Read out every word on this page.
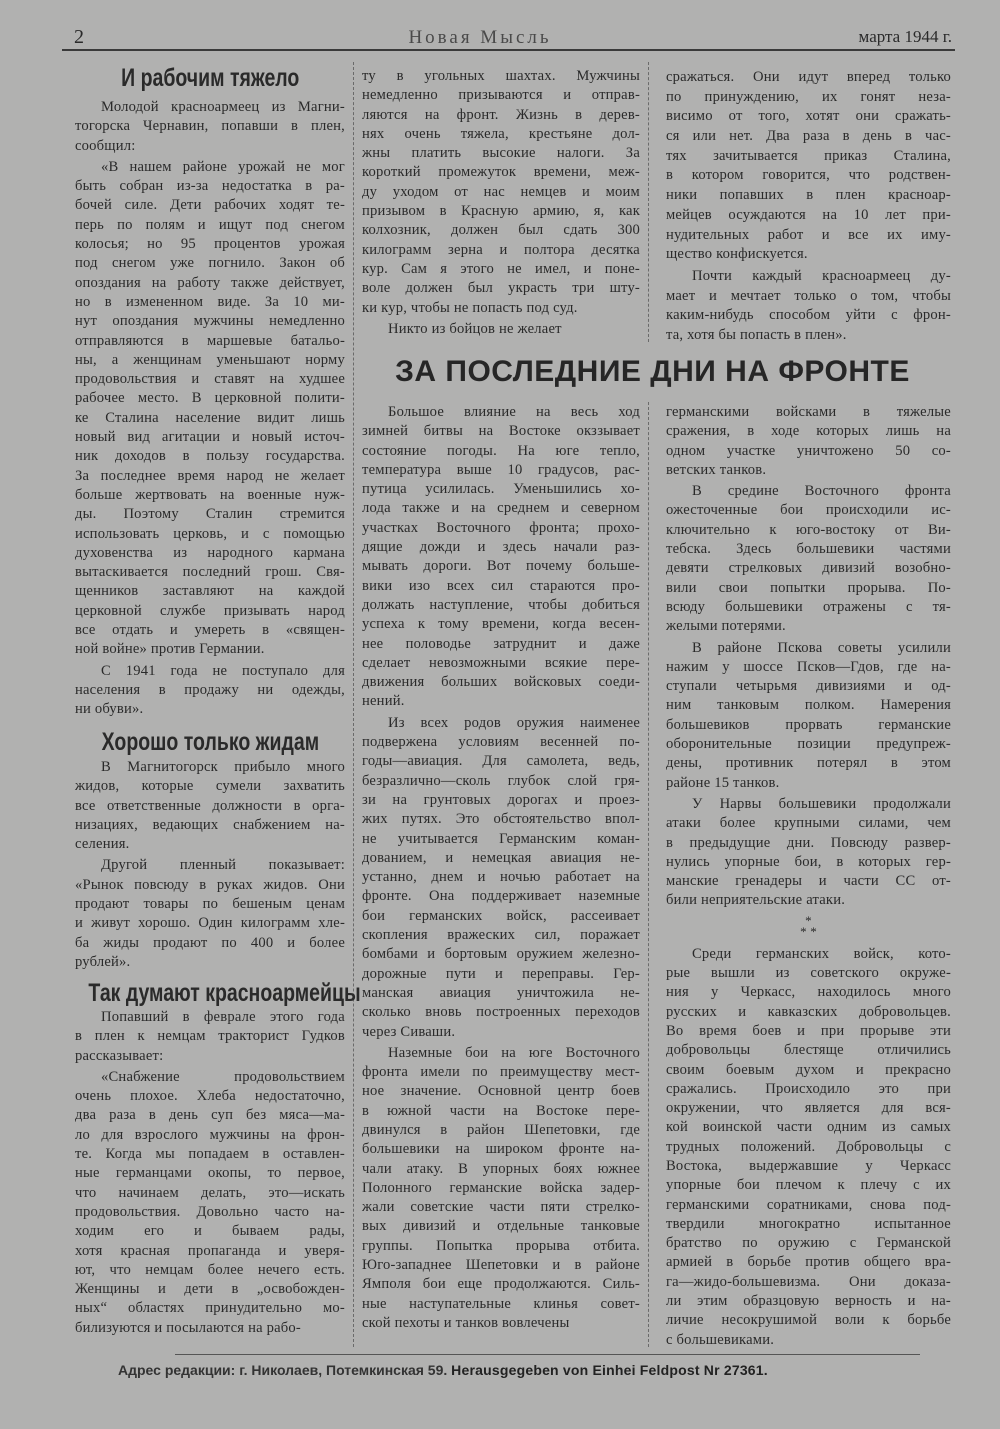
2	Новая Мысль	марта 1944 г.
И рабочим тяжело
Молодой красноармеец из Магни-
тогорска Чернавин, попавши в плен,
сообщил:
«В нашем районе урожай не мог
быть собран из-за недостатка в ра-
бочей силе. Дети рабочих ходят те-
перь по полям и ищут под снегом
колосья; но 95 процентов урожая
под снегом уже погнило. Закон об
опоздания на работу также действует,
но в измененном виде. За 10 ми-
нут опоздания мужчины немедленно
отправляются в маршевые батальо-
ны, а женщинам уменьшают норму
продовольствия и ставят на худшее
рабочее место. В церковной полити-
ке Сталина население видит лишь
новый вид агитации и новый источ-
ник доходов в пользу государства.
За последнее время народ не желает
больше жертвовать на военные нуж-
ды. Поэтому Сталин стремится
использовать церковь, и с помощью
духовенства из народного кармана
вытаскивается последний грош. Свя-
щенников заставляют на каждой
церковной службе призывать народ
все отдать и умереть в «священ-
ной войне» против Германии.
С 1941 года не поступало для
населения в продажу ни одежды,
ни обуви».
Хорошо только жидам
В Магнитогорск прибыло много
жидов, которые сумели захватить
все ответственные должности в орга-
низациях, ведающих снабжением на-
селения.
Другой пленный показывает:
«Рынок повсюду в руках жидов. Они
продают товары по бешеным ценам
и живут хорошо. Один килограмм хле-
ба жиды продают по 400 и более
рублей».
Так думают красноармейцы
Попавший в феврале этого года
в плен к немцам тракторист Гудков
рассказывает:
«Снабжение продовольствием
очень плохое. Хлеба недостаточно,
два раза в день суп без мяса—ма-
ло для взрослого мужчины на фрон-
те. Когда мы попадаем в оставлен-
ные германцами окопы, то первое,
что начинаем делать, это—искать
продовольствия. Довольно часто на-
ходим его и бываем рады,
хотя красная пропаганда и уверя-
ют, что немцам более нечего есть.
Женщины и дети в „освобожден-
ных“ областях принудительно мо-
билизуются и посылаются на рабо-
ту в угольных шахтах. Мужчины
немедленно призываются и отправ-
ляются на фронт. Жизнь в дерев-
нях очень тяжела, крестьяне дол-
жны платить высокие налоги. За
короткий промежуток времени, меж-
ду уходом от нас немцев и моим
призывом в Красную армию, я, как
колхозник, должен был сдать 300
килограмм зерна и полтора десятка
кур. Сам я этого не имел, и поне-
воле должен был украсть три шту-
ки кур, чтобы не попасть под суд.
Никто из бойцов не желает
сражаться. Они идут вперед только
по принуждению, их гонят неза-
висимо от того, хотят они сражать-
ся или нет. Два раза в день в час-
тях зачитывается приказ Сталина,
в котором говорится, что родствен-
ники попавших в плен красноар-
мейцев осуждаются на 10 лет при-
нудительных работ и все их иму-
щество конфискуется.
Почти каждый красноармеец ду-
мает и мечтает только о том, чтобы
каким-нибудь способом уйти с фрон-
та, хотя бы попасть в плен».
ЗА ПОСЛЕДНИЕ ДНИ НА ФРОНТЕ
Большое влияние на весь ход
зимней битвы на Востоке окззывает
состояние погоды. На юге тепло,
температура выше 10 градусов, рас-
путица усилилась. Уменьшились хо-
лода также и на среднем и северном
участках Восточного фронта; прохо-
дящие дожди и здесь начали раз-
мывать дороги. Вот почему больше-
вики изо всех сил стараются про-
должать наступление, чтобы добиться
успеха к тому времени, когда весен-
нее половодье затруднит и даже
сделает невозможными всякие пере-
движения больших войсковых соеди-
нений.
Из всех родов оружия наименее
подвержена условиям весенней по-
годы—авиация. Для самолета, ведь,
безразлично—сколь глубок слой гря-
зи на грунтовых дорогах и проез-
жих путях. Это обстоятельство впол-
не учитывается Германским коман-
дованием, и немецкая авиация не-
устанно, днем и ночью работает на
фронте. Она поддерживает наземные
бои германских войск, рассеивает
скопления вражеских сил, поражает
бомбами и бортовым оружием железно-
дорожные пути и переправы. Гер-
манская авиация уничтожила не-
сколько вновь построенных переходов
через Сиваши.
Наземные бои на юге Восточного
фронта имели по преимуществу мест-
ное значение. Основной центр боев
в южной части на Востоке пере-
двинулся в район Шепетовки, где
большевики на широком фронте на-
чали атаку. В упорных боях южнее
Полонного германские войска задер-
жали советские части пяти стрелко-
вых дивизий и отдельные танковые
группы. Попытка прорыва отбита.
Юго-западнее Шепетовки и в районе
Ямполя бои еще продолжаются. Силь-
ные наступательные клинья совет-
ской пехоты и танков вовлечены
германскими войсками в тяжелые
сражения, в ходе которых лишь на
одном участке уничтожено 50 со-
ветских танков.
В средине Восточного фронта
ожесточенные бои происходили ис-
ключительно к юго-востоку от Ви-
тебска. Здесь большевики частями
девяти стрелковых дивизий возобно-
вили свои попытки прорыва. По-
всюду большевики отражены с тя-
желыми потерями.
В районе Пскова советы усилили
нажим у шоссе Псков—Гдов, где на-
ступали четырьмя дивизиями и од-
ним танковым полком. Намерения
большевиков прорвать германские
оборонительные позиции предупреж-
дены, противник потерял в этом
районе 15 танков.
У Нарвы большевики продолжали
атаки более крупными силами, чем
в предыдущие дни. Повсюду развер-
нулись упорные бои, в которых гер-
манские гренадеры и части СС от-
били неприятельские атаки.
*
* *
Среди германских войск, кото-
рые вышли из советского окруже-
ния у Черкасс, находилось много
русских и кавказских добровольцев.
Во время боев и при прорыве эти
добровольцы блестяще отличились
своим боевым духом и прекрасно
сражались. Происходило это при
окружении, что является для вся-
кой воинской части одним из самых
трудных положений. Добровольцы с
Востока, выдержавшие у Черкасс
упорные бои плечом к плечу с их
германскими соратниками, снова под-
твердили многократно испытанное
братство по оружию с Германской
армией в борьбе против общего вра-
га—жидо-большевизма. Они доказа-
ли этим образцовую верность и на-
личие несокрушимой воли к борьбе
с большевиками.
Адрес редакции: г. Николаев, Потемкинская 59. Herausgegeben von Einhei Feldpost Nr 27361.
